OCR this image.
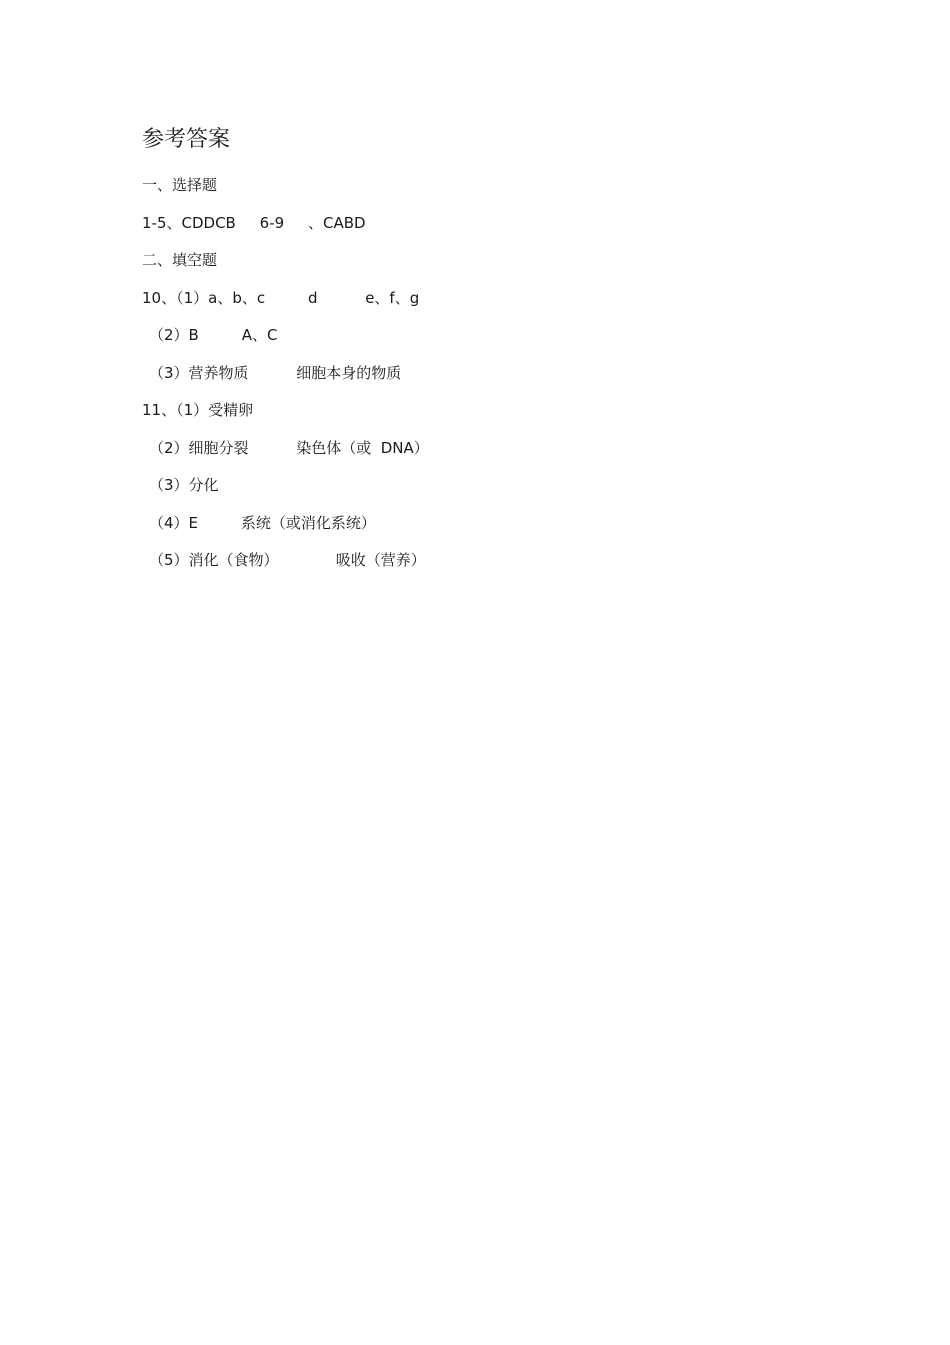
参考答案

一、选择题

1-5、CDDCB     6-9     、CABD

二、填空题

10、（1）a、b、c         d          e、f、g

（2）B         A、C

（3）营养物质          细胞本身的物质

11、（1）受精卵

（2）细胞分裂          染色体（或  DNA）

（3）分化

（4）E         系统（或消化系统）

（5）消化（食物）            吸收（营养）
